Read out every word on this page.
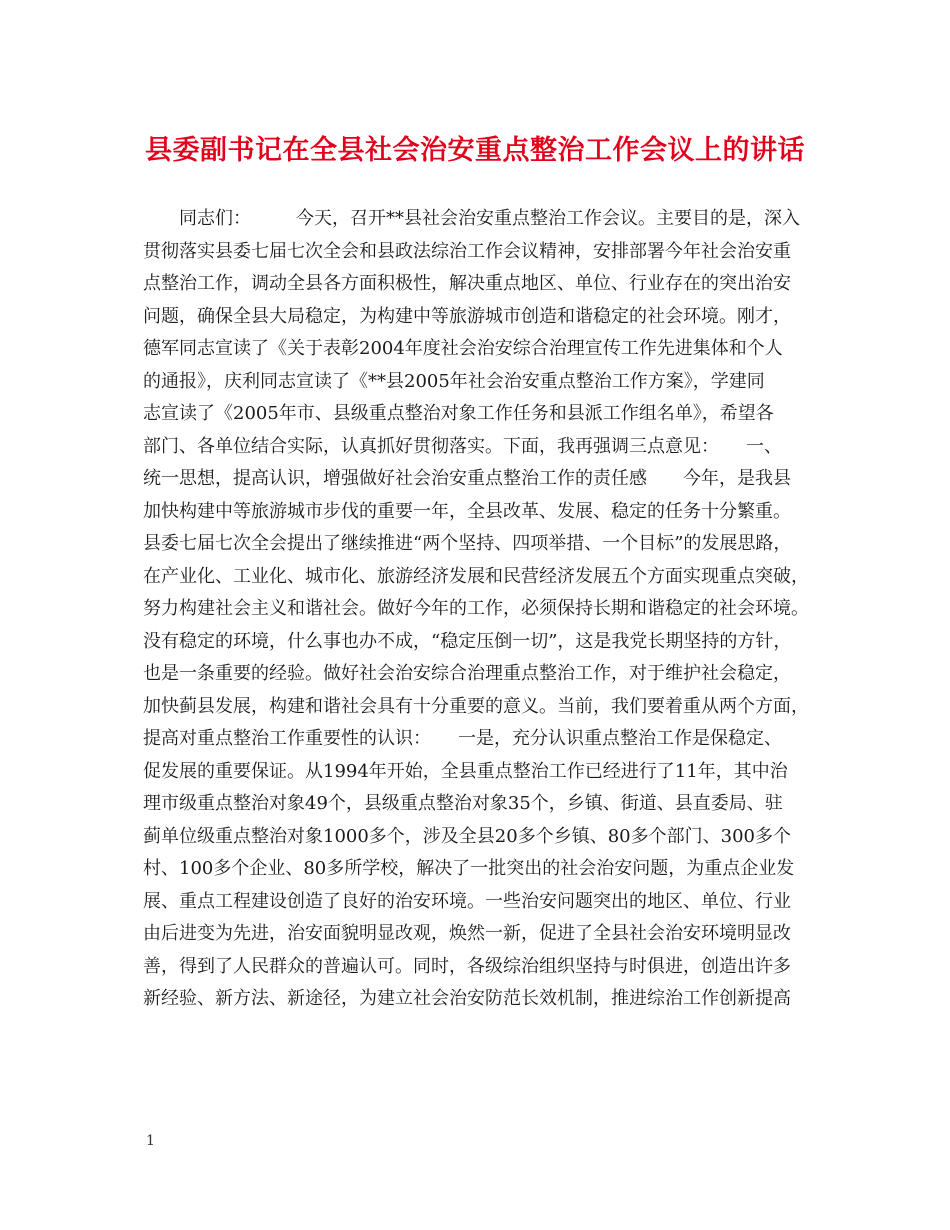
县委副书记在全县社会治安重点整治工作会议上的讲话
　　同志们：　　　今天，召开**县社会治安重点整治工作会议。主要目的是，深入
贯彻落实县委七届七次全会和县政法综治工作会议精神，安排部署今年社会治安重
点整治工作，调动全县各方面积极性，解决重点地区、单位、行业存在的突出治安
问题，确保全县大局稳定，为构建中等旅游城市创造和谐稳定的社会环境。刚才，
德军同志宣读了《关于表彰2004年度社会治安综合治理宣传工作先进集体和个人
的通报》，庆利同志宣读了《**县2005年社会治安重点整治工作方案》，学建同
志宣读了《2005年市、县级重点整治对象工作任务和县派工作组名单》，希望各
部门、各单位结合实际，认真抓好贯彻落实。下面，我再强调三点意见：　　一、
统一思想，提高认识，增强做好社会治安重点整治工作的责任感　　今年，是我县
加快构建中等旅游城市步伐的重要一年，全县改革、发展、稳定的任务十分繁重。
县委七届七次全会提出了继续推进“两个坚持、四项举措、一个目标”的发展思路，
在产业化、工业化、城市化、旅游经济发展和民营经济发展五个方面实现重点突破，
努力构建社会主义和谐社会。做好今年的工作，必须保持长期和谐稳定的社会环境。
没有稳定的环境，什么事也办不成，“稳定压倒一切”，这是我党长期坚持的方针，
也是一条重要的经验。做好社会治安综合治理重点整治工作，对于维护社会稳定，
加快蓟县发展，构建和谐社会具有十分重要的意义。当前，我们要着重从两个方面，
提高对重点整治工作重要性的认识：　　一是，充分认识重点整治工作是保稳定、
促发展的重要保证。从1994年开始，全县重点整治工作已经进行了11年，其中治
理市级重点整治对象49个，县级重点整治对象35个，乡镇、街道、县直委局、驻
蓟单位级重点整治对象1000多个，涉及全县20多个乡镇、80多个部门、300多个
村、100多个企业、80多所学校，解决了一批突出的社会治安问题，为重点企业发
展、重点工程建设创造了良好的治安环境。一些治安问题突出的地区、单位、行业
由后进变为先进，治安面貌明显改观，焕然一新，促进了全县社会治安环境明显改
善，得到了人民群众的普遍认可。同时，各级综治组织坚持与时俱进，创造出许多
新经验、新方法、新途径，为建立社会治安防范长效机制，推进综治工作创新提高
1
